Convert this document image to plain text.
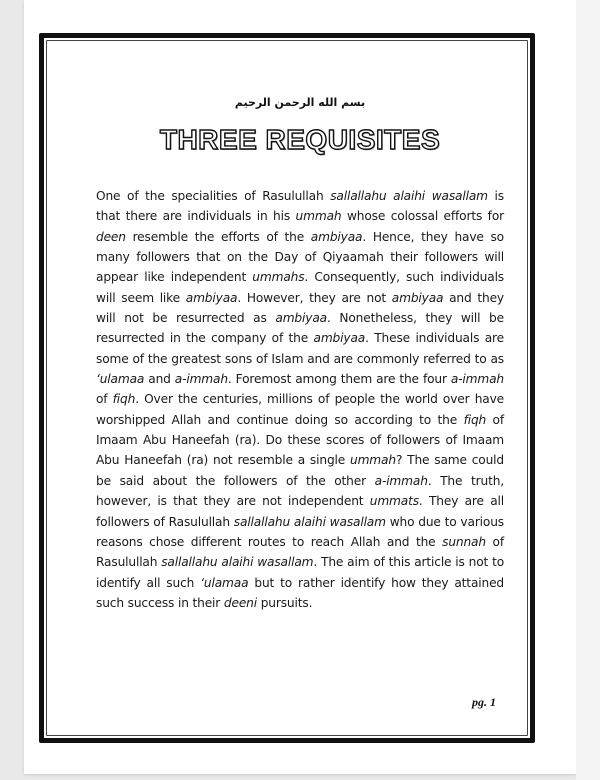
بسم الله الرحمن الرحيم
THREE REQUISITES
One of the specialities of Rasulullah sallallahu alaihi wasallam is that there are individuals in his ummah whose colossal efforts for deen resemble the efforts of the ambiyaa. Hence, they have so many followers that on the Day of Qiyaamah their followers will appear like independent ummahs. Consequently, such individuals will seem like ambiyaa. However, they are not ambiyaa and they will not be resurrected as ambiyaa. Nonetheless, they will be resurrected in the company of the ambiyaa. These individuals are some of the greatest sons of Islam and are commonly referred to as ‘ulamaa and a-immah. Foremost among them are the four a-immah of fiqh. Over the centuries, millions of people the world over have worshipped Allah and continue doing so according to the fiqh of Imaam Abu Haneefah (ra). Do these scores of followers of Imaam Abu Haneefah (ra) not resemble a single ummah? The same could be said about the followers of the other a-immah. The truth, however, is that they are not independent ummats. They are all followers of Rasulullah sallallahu alaihi wasallam who due to various reasons chose different routes to reach Allah and the sunnah of Rasulullah sallallahu alaihi wasallam. The aim of this article is not to identify all such ‘ulamaa but to rather identify how they attained such success in their deeni pursuits.
pg. 1
